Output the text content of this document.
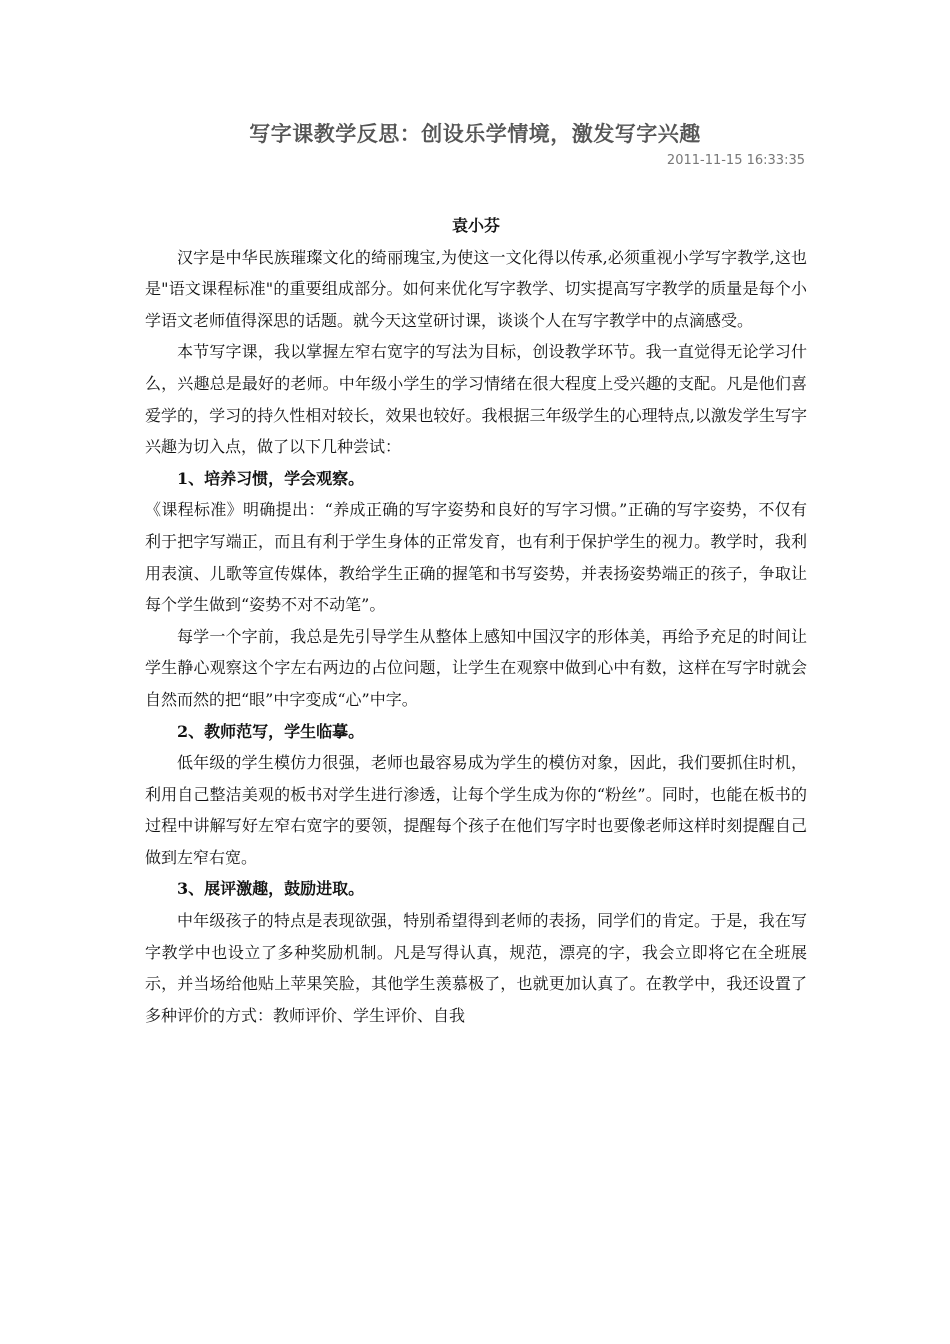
写字课教学反思：创设乐学情境，激发写字兴趣
2011-11-15 16:33:35

袁小芬

汉字是中华民族璀璨文化的绮丽瑰宝,为使这一文化得以传承,必须重视小学写字教学,这也是"语文课程标准"的重要组成部分。如何来优化写字教学、切实提高写字教学的质量是每个小学语文老师值得深思的话题。就今天这堂研讨课，谈谈个人在写字教学中的点滴感受。

本节写字课，我以掌握左窄右宽字的写法为目标，创设教学环节。我一直觉得无论学习什么，兴趣总是最好的老师。中年级小学生的学习情绪在很大程度上受兴趣的支配。凡是他们喜爱学的，学习的持久性相对较长，效果也较好。我根据三年级学生的心理特点,以激发学生写字兴趣为切入点，做了以下几种尝试：

1、培养习惯，学会观察。

《课程标准》明确提出：“养成正确的写字姿势和良好的写字习惯。”正确的写字姿势，不仅有利于把字写端正，而且有利于学生身体的正常发育，也有利于保护学生的视力。教学时，我利用表演、儿歌等宣传媒体，教给学生正确的握笔和书写姿势，并表扬姿势端正的孩子，争取让每个学生做到“姿势不对不动笔”。

每学一个字前，我总是先引导学生从整体上感知中国汉字的形体美，再给予充足的时间让学生静心观察这个字左右两边的占位问题，让学生在观察中做到心中有数，这样在写字时就会自然而然的把“眼”中字变成“心”中字。

2、教师范写，学生临摹。

低年级的学生模仿力很强，老师也最容易成为学生的模仿对象，因此，我们要抓住时机， 利用自己整洁美观的板书对学生进行渗透，让每个学生成为你的“粉丝”。同时，也能在板书的过程中讲解写好左窄右宽字的要领，提醒每个孩子在他们写字时也要像老师这样时刻提醒自己做到左窄右宽。

3、展评激趣，鼓励进取。

中年级孩子的特点是表现欲强，特别希望得到老师的表扬，同学们的肯定。于是，我在写字教学中也设立了多种奖励机制。凡是写得认真，规范，漂亮的字，我会立即将它在全班展示，并当场给他贴上苹果笑脸，其他学生羡慕极了，也就更加认真了。在教学中，我还设置了多种评价的方式：教师评价、学生评价、自我
